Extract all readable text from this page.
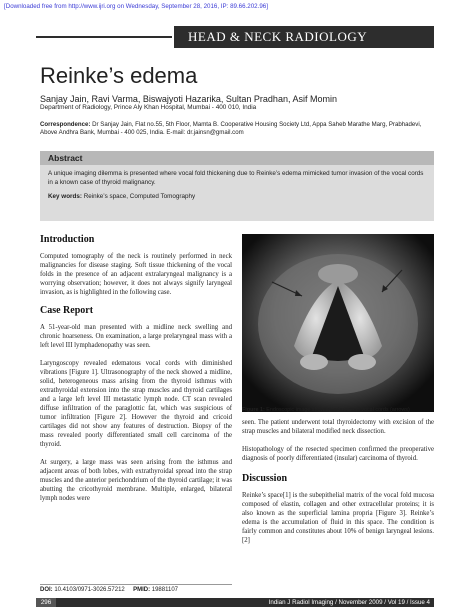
[Downloaded free from http://www.ijri.org on Wednesday, September 28, 2016, IP: 89.66.202.96]
HEAD & NECK RADIOLOGY
Reinke’s edema
Sanjay Jain, Ravi Varma, Biswajyoti Hazarika, Sultan Pradhan, Asif Momin
Department of Radiology, Prince Aly Khan Hospital, Mumbai - 400 010, India
Correspondence: Dr Sanjay Jain, Flat no.55, 5th Floor, Mamta B. Cooperative Housing Society Ltd, Appa Saheb Marathe Marg, Prabhadevi, Above Andhra Bank, Mumbai - 400 025, India. E-mail: dr.jainsn@gmail.com
Abstract
A unique imaging dilemma is presented where vocal fold thickening due to Reinke’s edema mimicked tumor invasion of the vocal cords in a known case of thyroid malignancy.
Key words: Reinke’s space, Computed Tomography
Introduction

Computed tomography of the neck is routinely performed in neck malignancies for disease staging. Soft tissue thickening of the vocal folds in the presence of an adjacent extralaryngeal malignancy is a worrying observation; however, it does not always signify laryngeal invasion, as is highlighted in the following case.

Case Report

A 51-year-old man presented with a midline neck swelling and chronic hoarseness. On examination, a large prelaryngeal mass with a left level III lymphadenopathy was seen.

Laryngoscopy revealed edematous vocal cords with diminished vibrations [Figure 1]. Ultrasonography of the neck showed a midline, solid, heterogeneous mass arising from the thyroid isthmus with extrathyroidal extension into the strap muscles and thyroid cartilages and a large left level III metastatic lymph node. CT scan revealed diffuse infiltration of the paraglottic fat, which was suspicious of tumor infiltration [Figure 2]. However the thyroid and cricoid cartilages did not show any features of destruction. Biopsy of the mass revealed poorly differentiated small cell carcinoma of the thyroid.

At surgery, a large mass was seen arising from the isthmus and adjacent areas of both lobes, with extrathyroidal spread into the strap muscles and the anterior perichondrium of the thyroid cartilage; it was abutting the cricothyroid membrane. Multiple, enlarged, bilateral lymph nodes were

Figure 1: Endoscopic image showing edematous vocal cords (arrows)

seen. The patient underwent total thyroidectomy with excision of the strap muscles and bilateral modified neck dissection.

Histopathology of the resected specimen confirmed the preoperative diagnosis of poorly differentiated (insular) carcinoma of thyroid.

Discussion

Reinke’s space[1] is the subepithelial matrix of the vocal fold mucosa composed of elastin, collagen and other extracellular proteins; it is also known as the superficial lamina propria [Figure 3]. Reinke’s edema is the accumulation of fluid in this space. The condition is fairly common and constitutes about 10% of benign laryngeal lesions.[2]

DOI: 10.4103/0971-3026.57212 PMID: 19881107
296	Indian J Radiol Imaging / November 2009 / Vol 19 / Issue 4
